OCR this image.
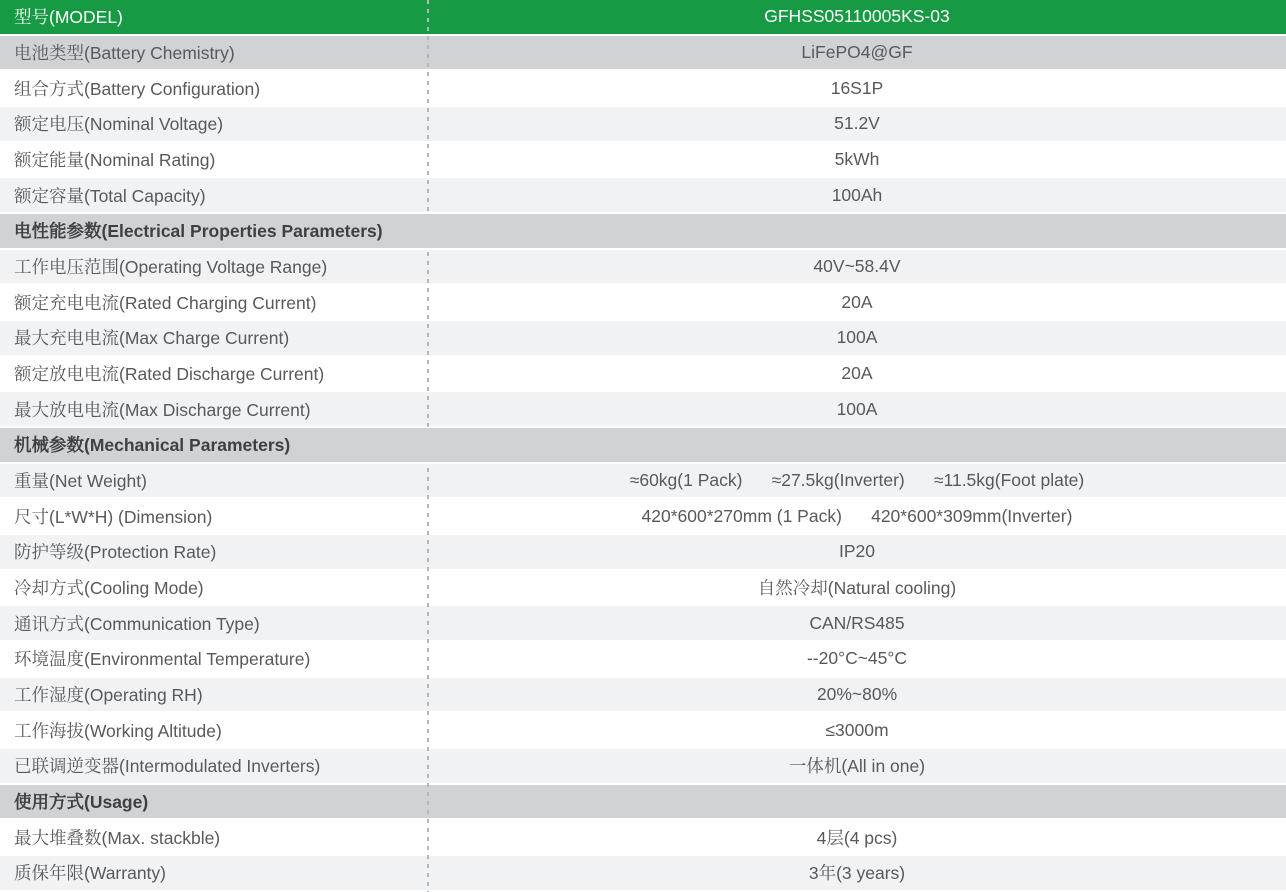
型号(MODEL)	GFHSS05110005KS-03
电池类型(Battery Chemistry)	LiFePO4@GF
组合方式(Battery Configuration)	16S1P
额定电压(Nominal Voltage)	51.2V
额定能量(Nominal Rating)	5kWh
额定容量(Total Capacity)	100Ah
电性能参数(Electrical Properties Parameters)
工作电压范围(Operating Voltage Range)	40V~58.4V
额定充电电流(Rated Charging Current)	20A
最大充电电流(Max Charge Current)	100A
额定放电电流(Rated Discharge Current)	20A
最大放电电流(Max Discharge Current)	100A
机械参数(Mechanical Parameters)
重量(Net Weight)	≈60kg(1 Pack)      ≈27.5kg(Inverter)      ≈11.5kg(Foot plate)
尺寸(L*W*H) (Dimension)	420*600*270mm (1 Pack)      420*600*309mm(Inverter)
防护等级(Protection Rate)	IP20
冷却方式(Cooling Mode)	自然冷却(Natural cooling)
通讯方式(Communication Type)	CAN/RS485
环境温度(Environmental Temperature)	--20°C~45°C
工作湿度(Operating RH)	20%~80%
工作海拔(Working Altitude)	≤3000m
已联调逆变器(Intermodulated Inverters)	一体机(All in one)
使用方式(Usage)
最大堆叠数(Max. stackble)	4层(4 pcs)
质保年限(Warranty)	3年(3 years)
